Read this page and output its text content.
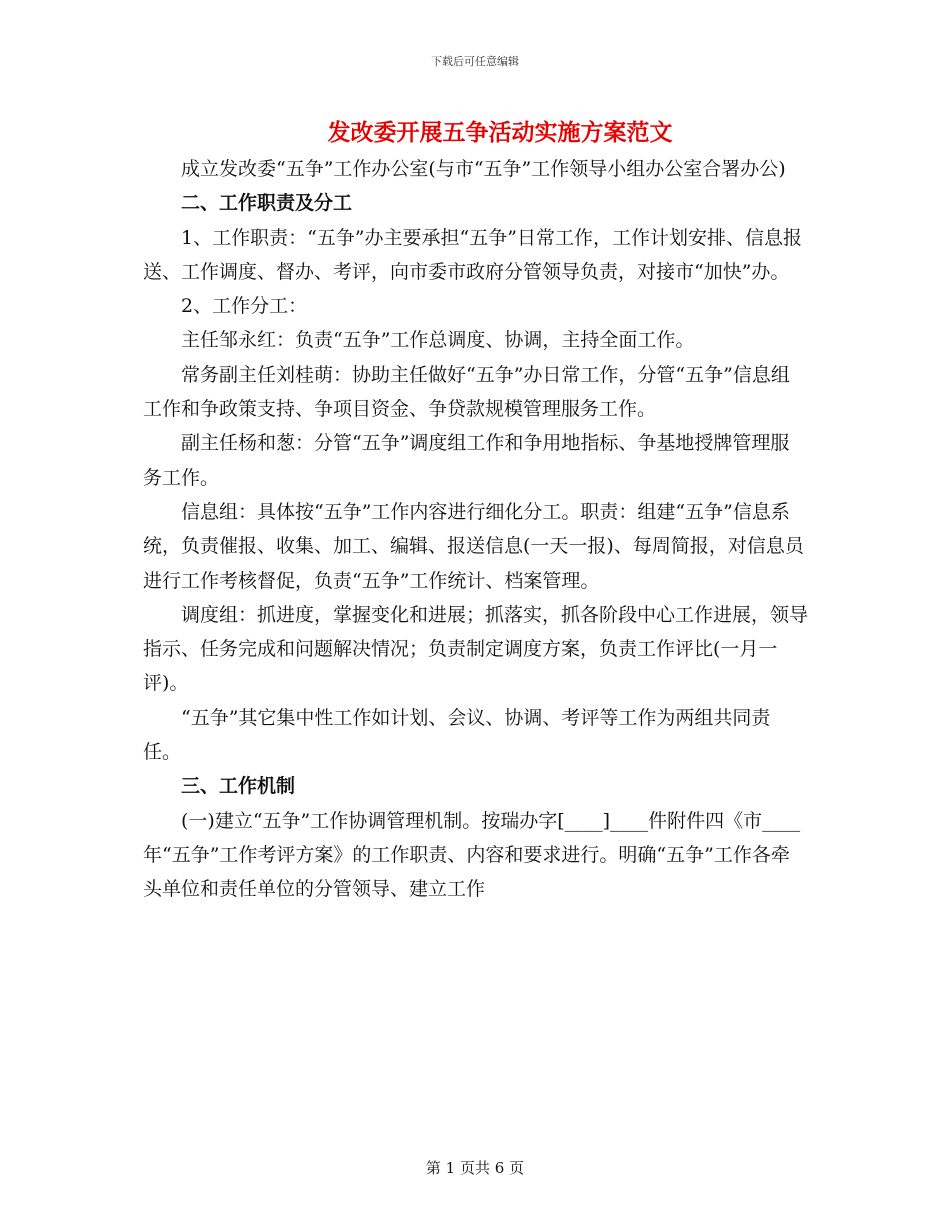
下载后可任意编辑
发改委开展五争活动实施方案范文

成立发改委“五争”工作办公室(与市“五争”工作领导小组办公室合署办公)

二、工作职责及分工

1、工作职责：“五争”办主要承担“五争”日常工作，工作计划安排、信息报送、工作调度、督办、考评，向市委市政府分管领导负责，对接市“加快”办。

2、工作分工：

主任邹永红：负责“五争”工作总调度、协调，主持全面工作。

常务副主任刘桂萌：协助主任做好“五争”办日常工作，分管“五争”信息组工作和争政策支持、争项目资金、争贷款规模管理服务工作。

副主任杨和葱：分管“五争”调度组工作和争用地指标、争基地授牌管理服务工作。

信息组：具体按“五争”工作内容进行细化分工。职责：组建“五争”信息系统，负责催报、收集、加工、编辑、报送信息(一天一报)、每周简报，对信息员进行工作考核督促，负责“五争”工作统计、档案管理。

调度组：抓进度，掌握变化和进展；抓落实，抓各阶段中心工作进展，领导指示、任务完成和问题解决情况；负责制定调度方案，负责工作评比(一月一评)。

“五争”其它集中性工作如计划、会议、协调、考评等工作为两组共同责任。

三、工作机制

(一)建立“五争”工作协调管理机制。按瑞办字[____]____件附件四《市____年“五争”工作考评方案》的工作职责、内容和要求进行。明确“五争”工作各牵头单位和责任单位的分管领导、建立工作

第 1 页共 6 页
